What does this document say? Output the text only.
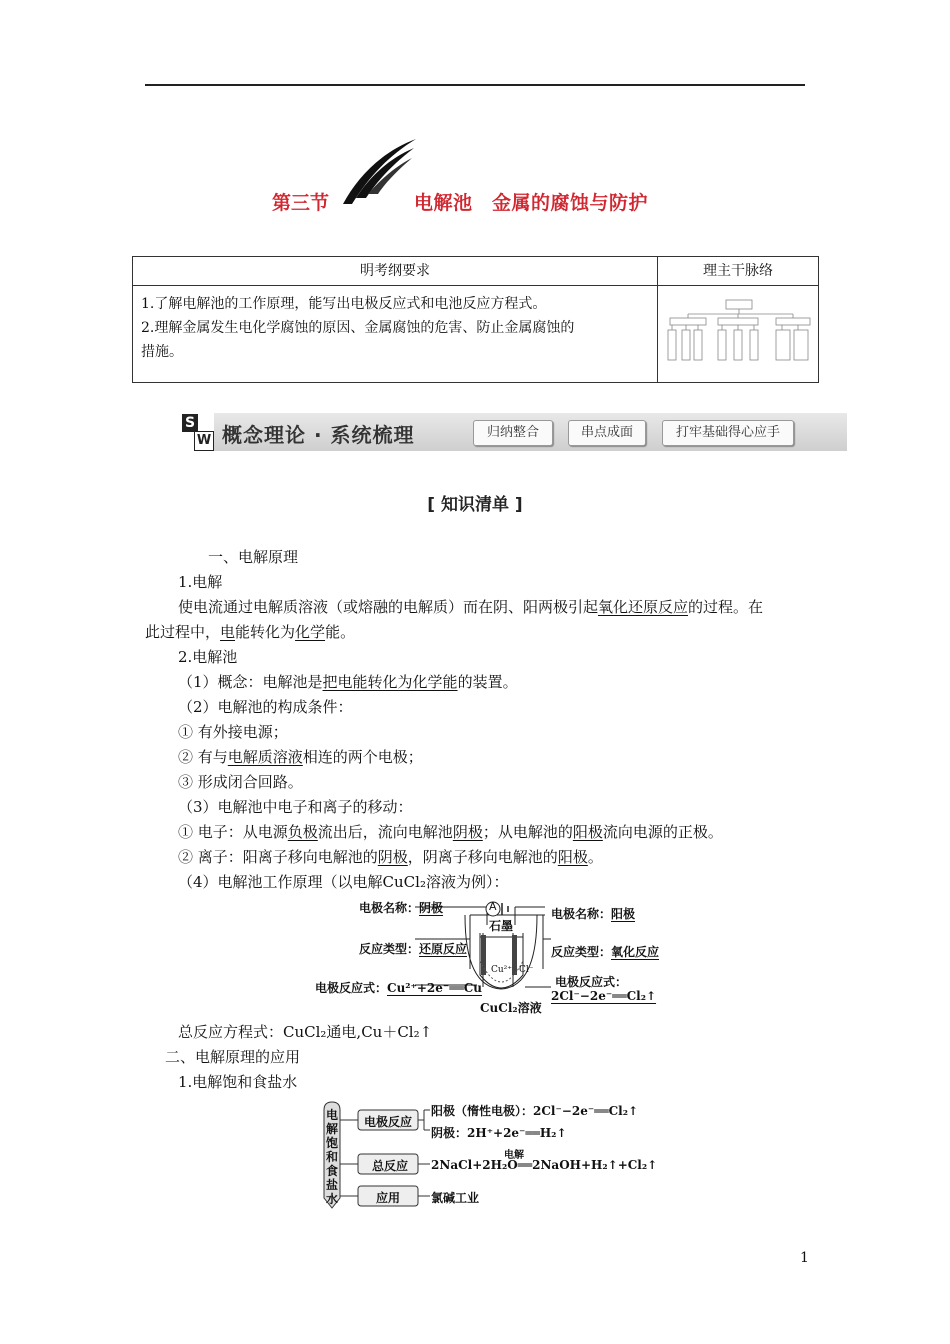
第三节	电解池　金属的腐蚀与防护
明考纲要求	理主干脉络

1.了解电解池的工作原理，能写出电极反应式和电池反应方程式。
2.理解金属发生电化学腐蚀的原因、金属腐蚀的危害、防止金属腐蚀的
措施。

S
W 概念理论 · 系统梳理	归纳整合	串点成面	打牢基础得心应手
[ 知识清单 ]
一、电解原理
1.电解
使电流通过电解质溶液（或熔融的电解质）而在阴、阳两极引起氧化还原反应的过程。在
此过程中，电能转化为化学能。
2.电解池
（1）概念：电解池是把电能转化为化学能的装置。
（2）电解池的构成条件：
① 有外接电源；
② 有与电解质溶液相连的两个电极；
③ 形成闭合回路。
（3）电解池中电子和离子的移动：
① 电子：从电源负极流出后，流向电解池阴极；从电解池的阳极流向电源的正极。
② 离子：阳离子移向电解池的阴极，阴离子移向电解池的阳极。
（4）电解池工作原理（以电解CuCl₂溶液为例）：
A
石墨
Cu²⁺ Cl⁻
CuCl₂溶液
电极名称：阴极
反应类型：还原反应
电极反应式：Cu²⁺+2e⁻══Cu
电极名称：阳极
反应类型：氧化反应
电极反应式：
2Cl⁻−2e⁻══Cl₂↑
总反应方程式：CuCl₂通电,Cu＋Cl₂↑
二、电解原理的应用
1.电解饱和食盐水
电解饱和食盐水
电极反应
阳极（惰性电极）：2Cl⁻−2e⁻══Cl₂↑
阴极：2H⁺+2e⁻══H₂↑
总反应
电解
2NaCl+2H₂O══2NaOH+H₂↑+Cl₂↑
应用	氯碱工业
1
